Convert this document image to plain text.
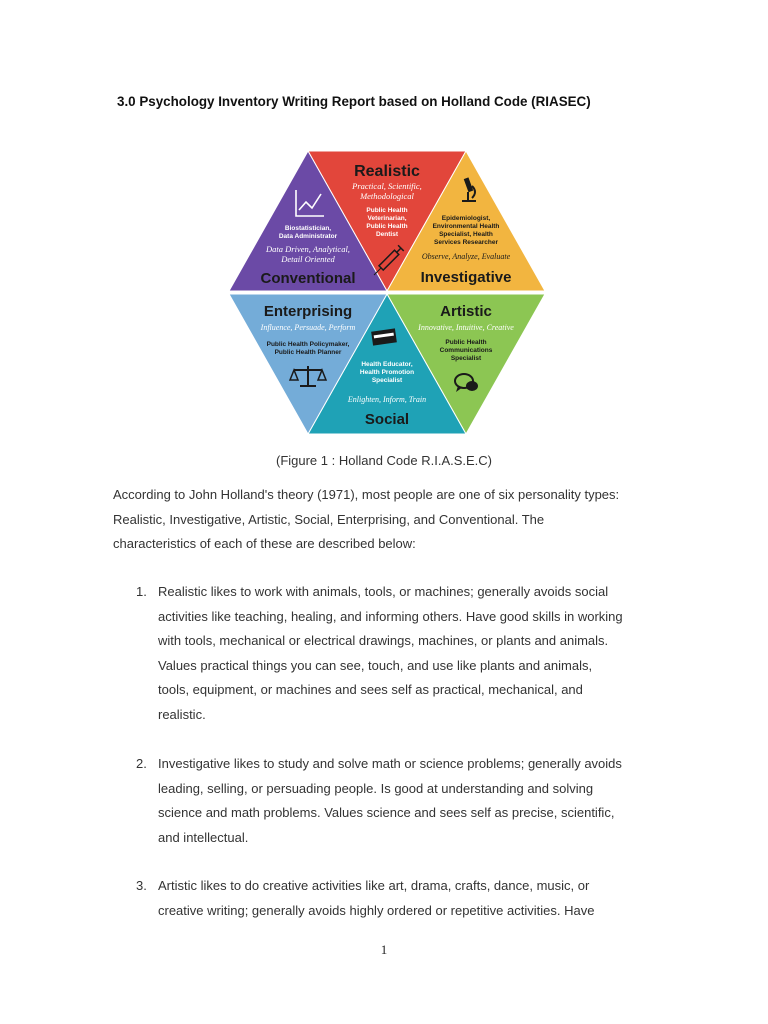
3.0 Psychology Inventory Writing Report based on Holland Code (RIASEC)
Realistic
Practical, Scientific,
Methodological
Public Health
Veterinarian,
Public Health
Dentist
Epidemiologist,
Environmental Health
Specialist, Health
Services Researcher
Observe, Analyze, Evaluate
Investigative
Biostatistician,
Data Administrator
Data Driven, Analytical,
Detail Oriented
Conventional
Enterprising
Influence, Persuade, Perform
Public Health Policymaker,
Public Health Planner
Health Educator,
Health Promotion
Specialist
Enlighten, Inform, Train
Social
Artistic
Innovative, Intuitive, Creative
Public Health
Communications
Specialist
(Figure 1 : Holland Code R.I.A.S.E.C)
According to John Holland's theory (1971), most people are one of six personality types:
Realistic, Investigative, Artistic, Social, Enterprising, and Conventional. The
characteristics of each of these are described below:
1. Realistic likes to work with animals, tools, or machines; generally avoids social
activities like teaching, healing, and informing others. Have good skills in working
with tools, mechanical or electrical drawings, machines, or plants and animals.
Values practical things you can see, touch, and use like plants and animals,
tools, equipment, or machines and sees self as practical, mechanical, and
realistic.
2. Investigative likes to study and solve math or science problems; generally avoids
leading, selling, or persuading people. Is good at understanding and solving
science and math problems. Values science and sees self as precise, scientific,
and intellectual.
3. Artistic likes to do creative activities like art, drama, crafts, dance, music, or
creative writing; generally avoids highly ordered or repetitive activities. Have
1
